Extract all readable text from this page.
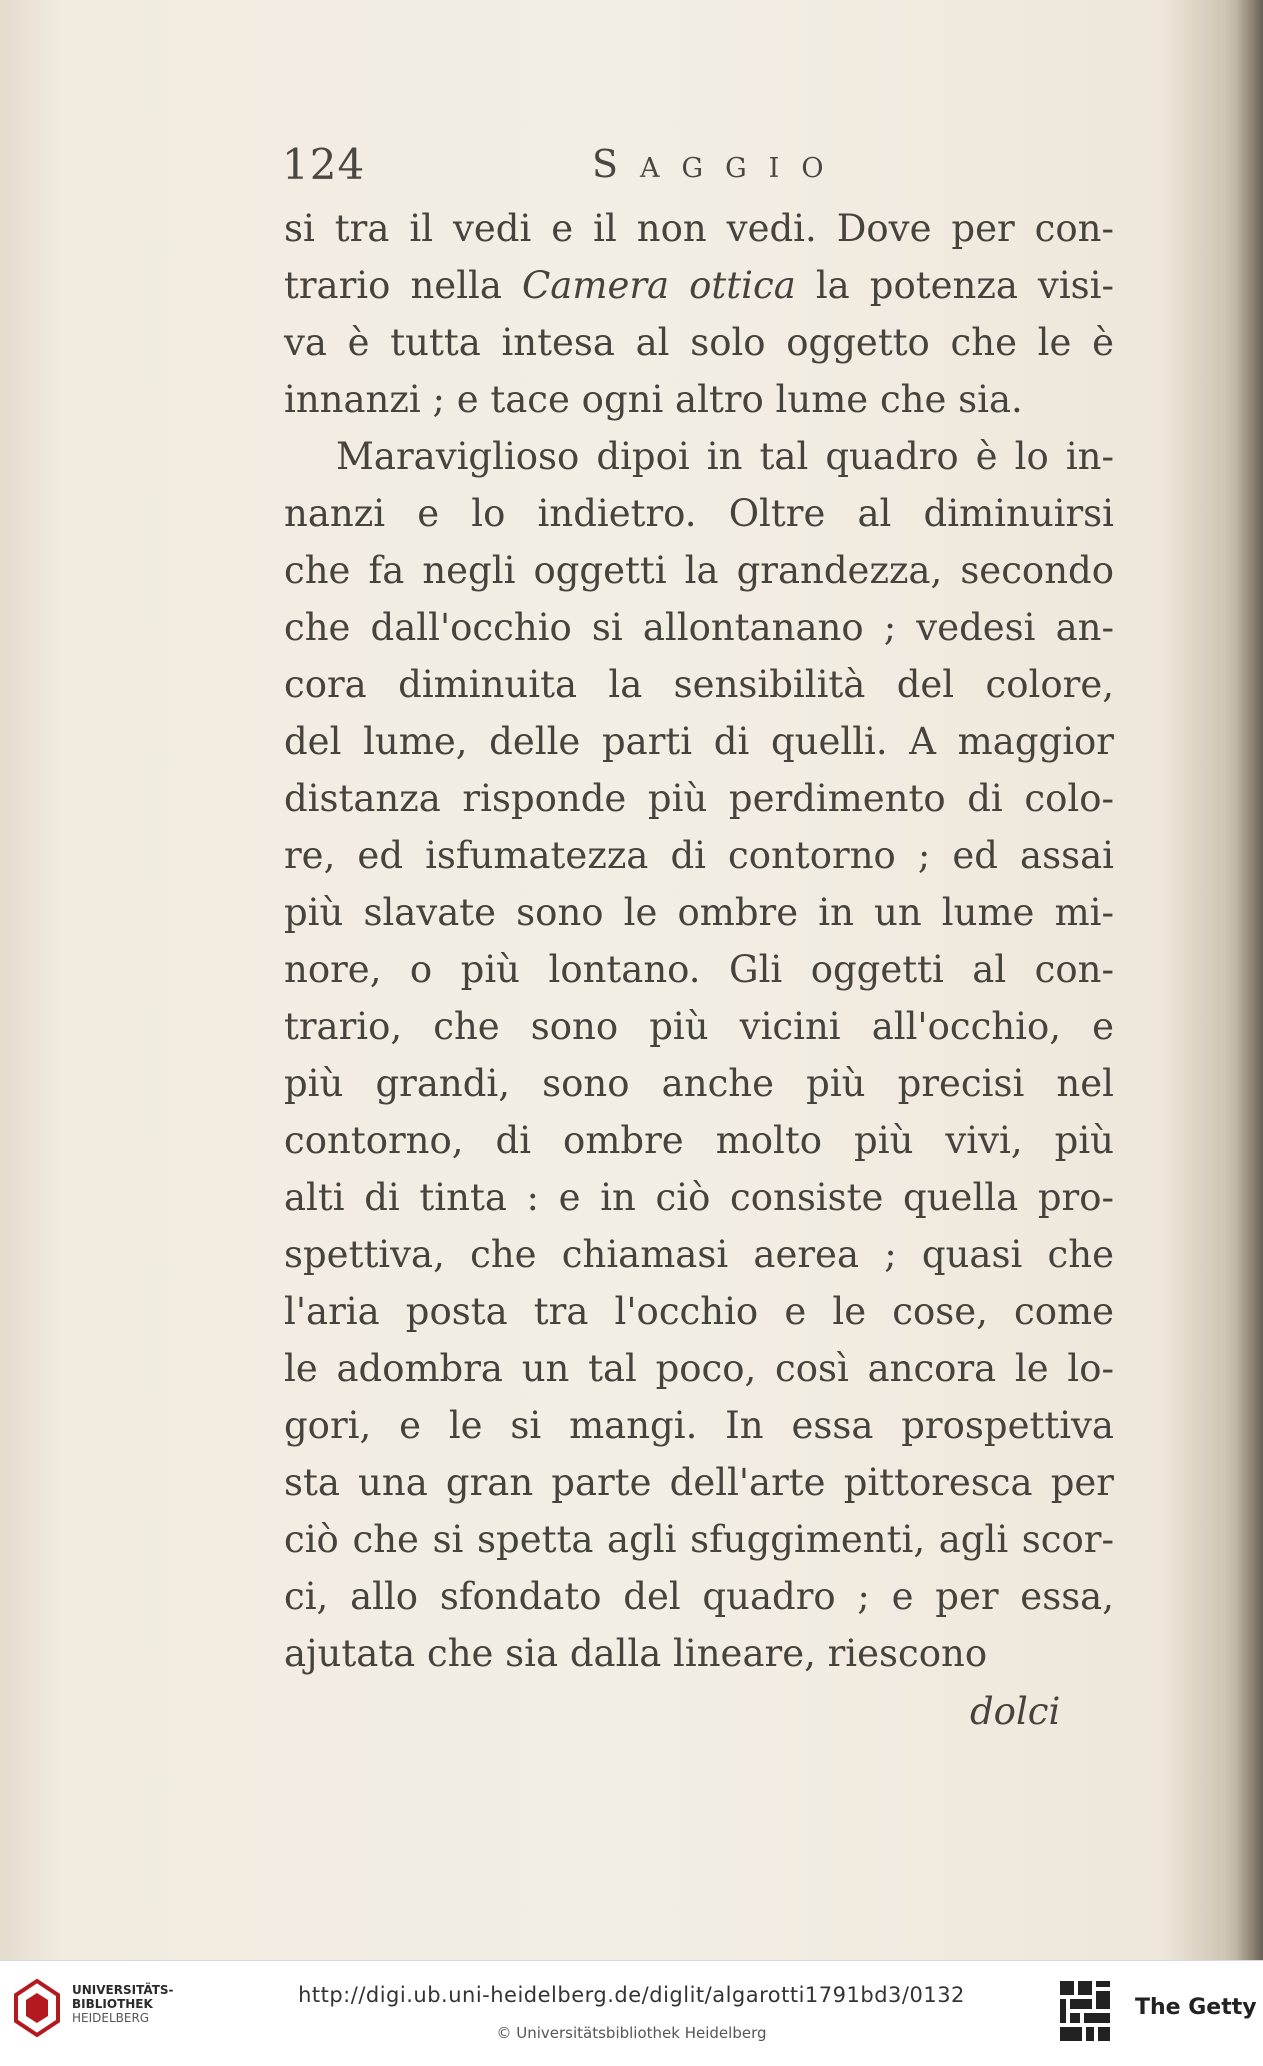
124	Saggio
si tra il vedi e il non vedi. Dove per con-
trario nella Camera ottica la potenza visi-
va è tutta intesa al solo oggetto che le è
innanzi ; e tace ogni altro lume che sia.
Maraviglioso dipoi in tal quadro è lo in-
nanzi e lo indietro. Oltre al diminuirsi
che fa negli oggetti la grandezza, secondo
che dall'occhio si allontanano ; vedesi an-
cora diminuita la sensibilità del colore,
del lume, delle parti di quelli. A maggior
distanza risponde più perdimento di colo-
re, ed isfumatezza di contorno ; ed assai
più slavate sono le ombre in un lume mi-
nore, o più lontano. Gli oggetti al con-
trario, che sono più vicini all'occhio, e
più grandi, sono anche più precisi nel
contorno, di ombre molto più vivi, più
alti di tinta : e in ciò consiste quella pro-
spettiva, che chiamasi aerea ; quasi che
l'aria posta tra l'occhio e le cose, come
le adombra un tal poco, così ancora le lo-
gori, e le si mangi. In essa prospettiva
sta una gran parte dell'arte pittoresca per
ciò che si spetta agli sfuggimenti, agli scor-
ci, allo sfondato del quadro ; e per essa,
ajutata che sia dalla lineare, riescono
dolci
UNIVERSITÄTS-
BIBLIOTHEK
HEIDELBERG
http://digi.ub.uni-heidelberg.de/diglit/algarotti1791bd3/0132
© Universitätsbibliothek Heidelberg
The Getty
